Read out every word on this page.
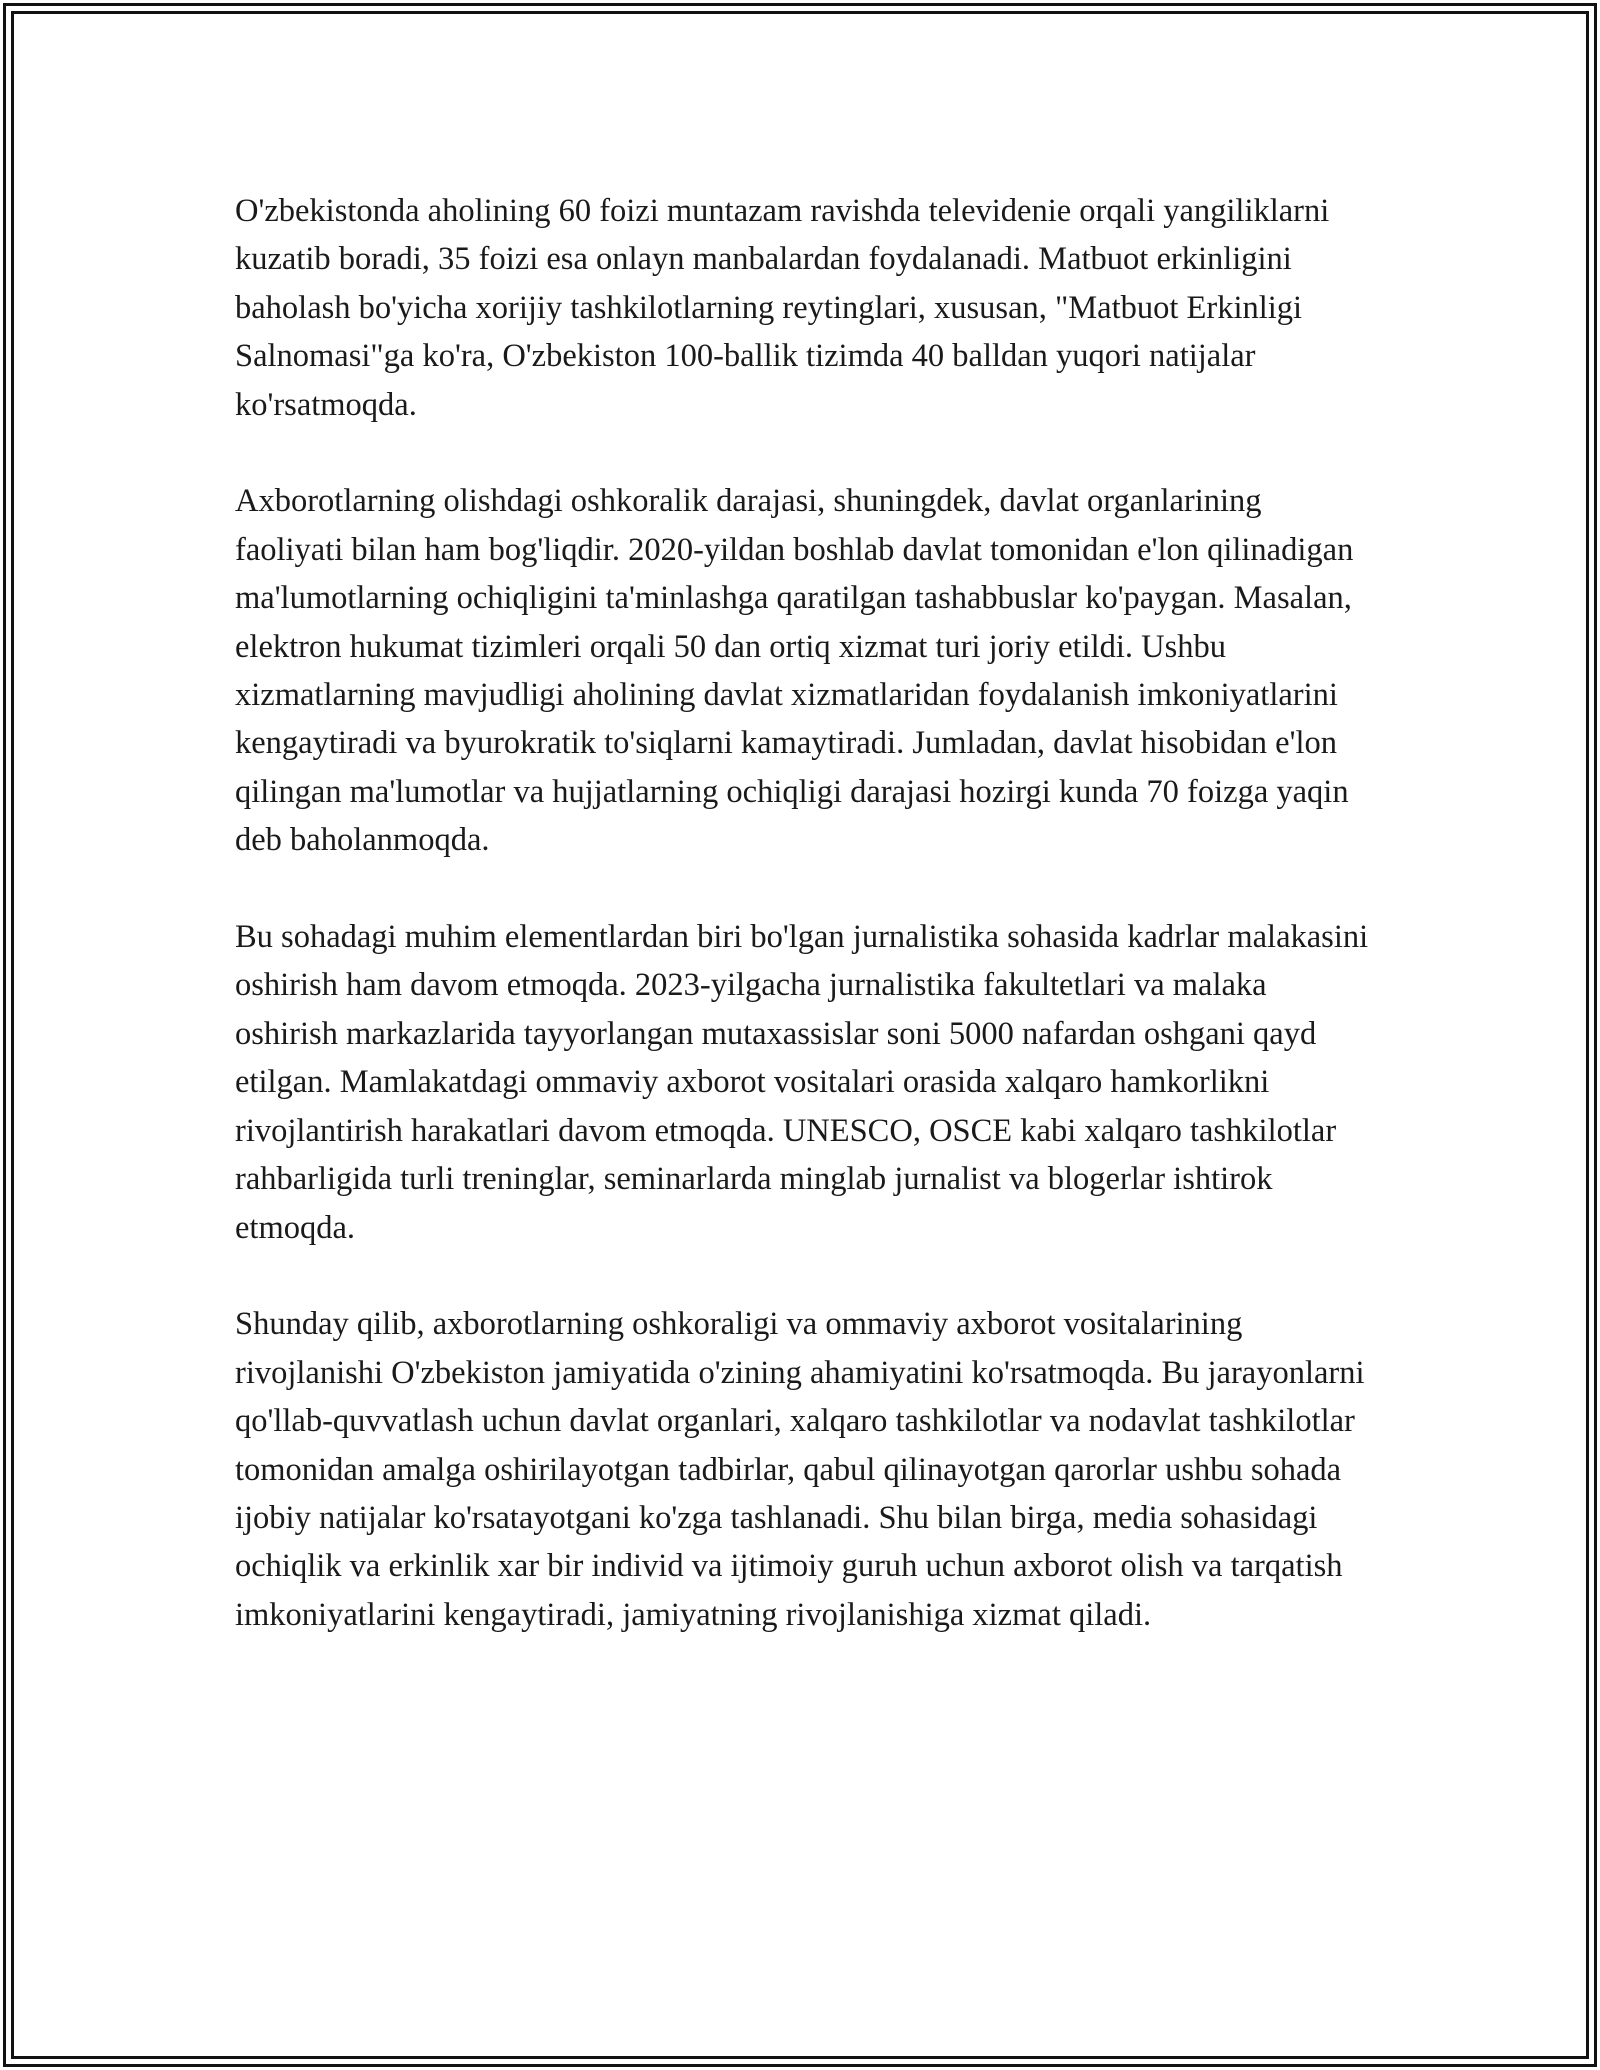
O'zbekistonda aholining 60 foizi muntazam ravishda televidenie orqali yangiliklarni kuzatib boradi, 35 foizi esa onlayn manbalardan foydalanadi. Matbuot erkinligini baholash bo'yicha xorijiy tashkilotlarning reytinglari, xususan, "Matbuot Erkinligi Salnomasi"ga ko'ra, O'zbekiston 100-ballik tizimda 40 balldan yuqori natijalar ko'rsatmoqda.

Axborotlarning olishdagi oshkoralik darajasi, shuningdek, davlat organlarining faoliyati bilan ham bog'liqdir. 2020-yildan boshlab davlat tomonidan e'lon qilinadigan ma'lumotlarning ochiqligini ta'minlashga qaratilgan tashabbuslar ko'paygan. Masalan, elektron hukumat tizimleri orqali 50 dan ortiq xizmat turi joriy etildi. Ushbu xizmatlarning mavjudligi aholining davlat xizmatlaridan foydalanish imkoniyatlarini kengaytiradi va byurokratik to'siqlarni kamaytiradi. Jumladan, davlat hisobidan e'lon qilingan ma'lumotlar va hujjatlarning ochiqligi darajasi hozirgi kunda 70 foizga yaqin deb baholanmoqda.

Bu sohadagi muhim elementlardan biri bo'lgan jurnalistika sohasida kadrlar malakasini oshirish ham davom etmoqda. 2023-yilgacha jurnalistika fakultetlari va malaka oshirish markazlarida tayyorlangan mutaxassislar soni 5000 nafardan oshgani qayd etilgan. Mamlakatdagi ommaviy axborot vositalari orasida xalqaro hamkorlikni rivojlantirish harakatlari davom etmoqda. UNESCO, OSCE kabi xalqaro tashkilotlar rahbarligida turli treninglar, seminarlarda minglab jurnalist va blogerlar ishtirok etmoqda.

Shunday qilib, axborotlarning oshkoraligi va ommaviy axborot vositalarining rivojlanishi O'zbekiston jamiyatida o'zining ahamiyatini ko'rsatmoqda. Bu jarayonlarni qo'llab-quvvatlash uchun davlat organlari, xalqaro tashkilotlar va nodavlat tashkilotlar tomonidan amalga oshirilayotgan tadbirlar, qabul qilinayotgan qarorlar ushbu sohada ijobiy natijalar ko'rsatayotgani ko'zga tashlanadi. Shu bilan birga, media sohasidagi ochiqlik va erkinlik xar bir individ va ijtimoiy guruh uchun axborot olish va tarqatish imkoniyatlarini kengaytiradi, jamiyatning rivojlanishiga xizmat qiladi.
